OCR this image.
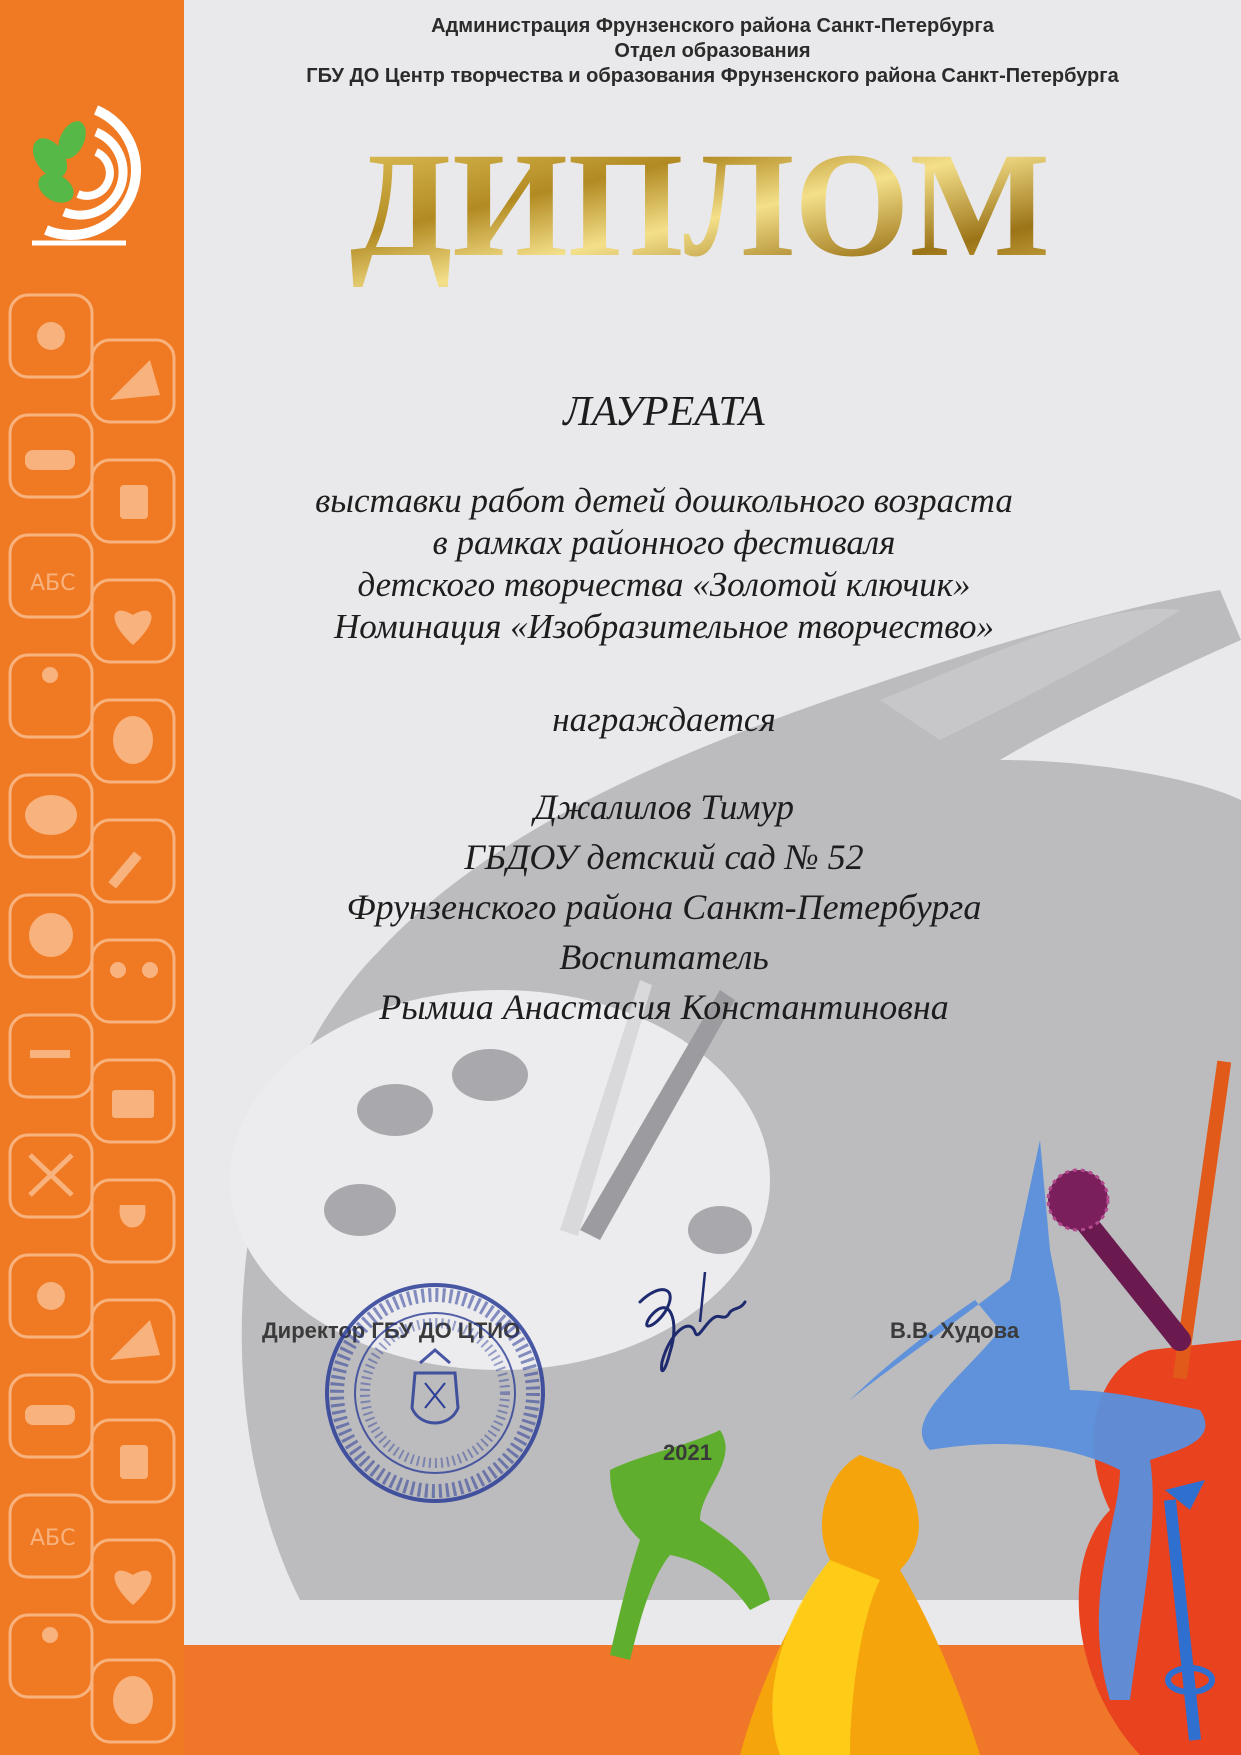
АБС
АБС
Администрация Фрунзенского района Санкт-Петербурга
Отдел образования
ГБУ ДО Центр творчества и образования Фрунзенского района Санкт-Петербурга
ДИПЛОМ
ЛАУРЕАТА
выставки работ детей дошкольного возраста
в рамках районного фестиваля
детского творчества «Золотой ключик»
Номинация «Изобразительное творчество»
награждается
Джалилов Тимур
ГБДОУ детский сад № 52
Фрунзенского района Санкт-Петербурга
Воспитатель
Рымша Анастасия Константиновна
Директор ГБУ ДО ЦТИО	В.В. Худова
2021
